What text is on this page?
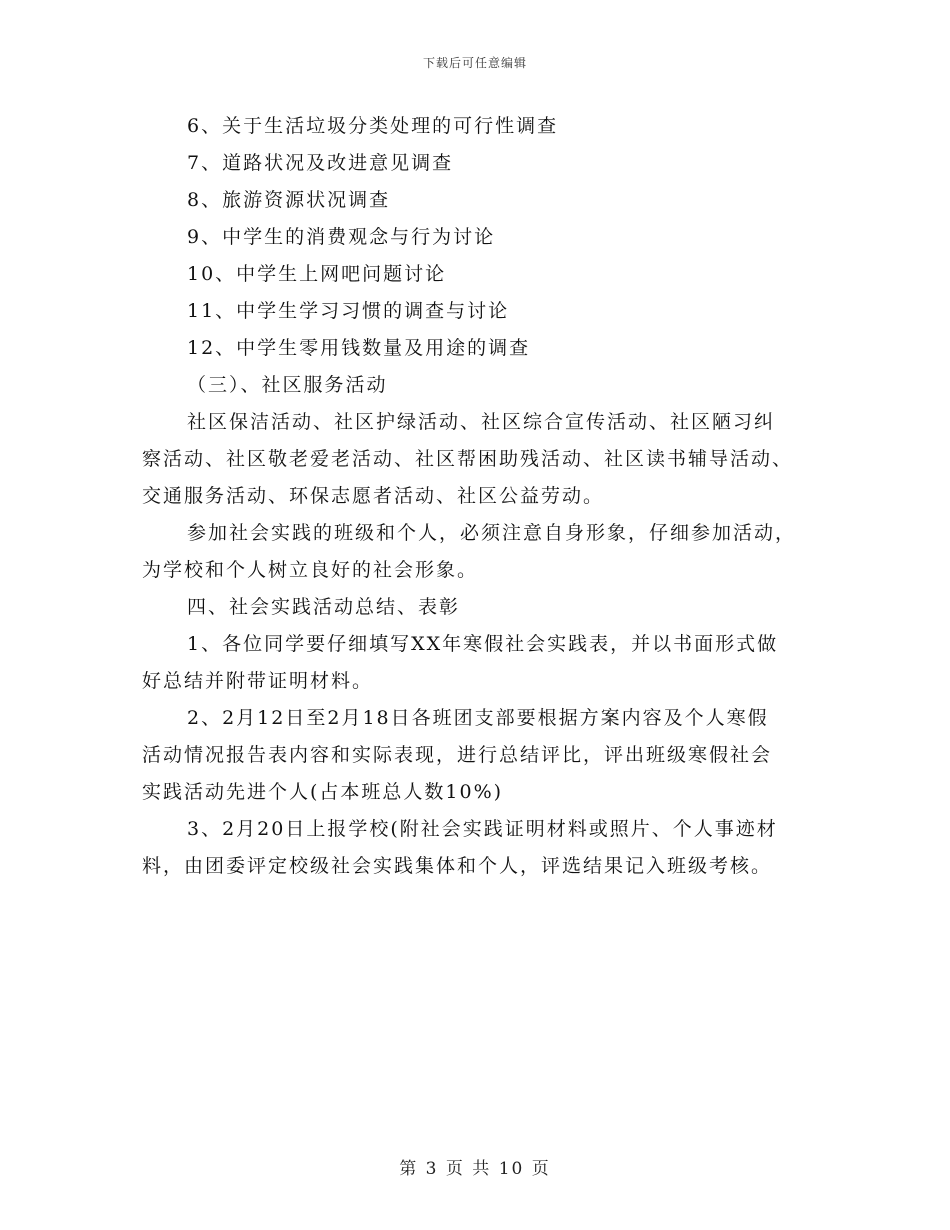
下载后可任意编辑
6、关于生活垃圾分类处理的可行性调查
7、道路状况及改进意见调查
8、旅游资源状况调查
9、中学生的消费观念与行为讨论
10、中学生上网吧问题讨论
11、中学生学习习惯的调查与讨论
12、中学生零用钱数量及用途的调查
（三）、社区服务活动
社区保洁活动、社区护绿活动、社区综合宣传活动、社区陋习纠
察活动、社区敬老爱老活动、社区帮困助残活动、社区读书辅导活动、
交通服务活动、环保志愿者活动、社区公益劳动。
参加社会实践的班级和个人，必须注意自身形象，仔细参加活动，
为学校和个人树立良好的社会形象。
四、社会实践活动总结、表彰
1、各位同学要仔细填写XX年寒假社会实践表，并以书面形式做
好总结并附带证明材料。
2、2月12日至2月18日各班团支部要根据方案内容及个人寒假
活动情况报告表内容和实际表现，进行总结评比，评出班级寒假社会
实践活动先进个人(占本班总人数10%)
3、2月20日上报学校(附社会实践证明材料或照片、个人事迹材
料，由团委评定校级社会实践集体和个人，评选结果记入班级考核。
第 3 页 共 10 页
